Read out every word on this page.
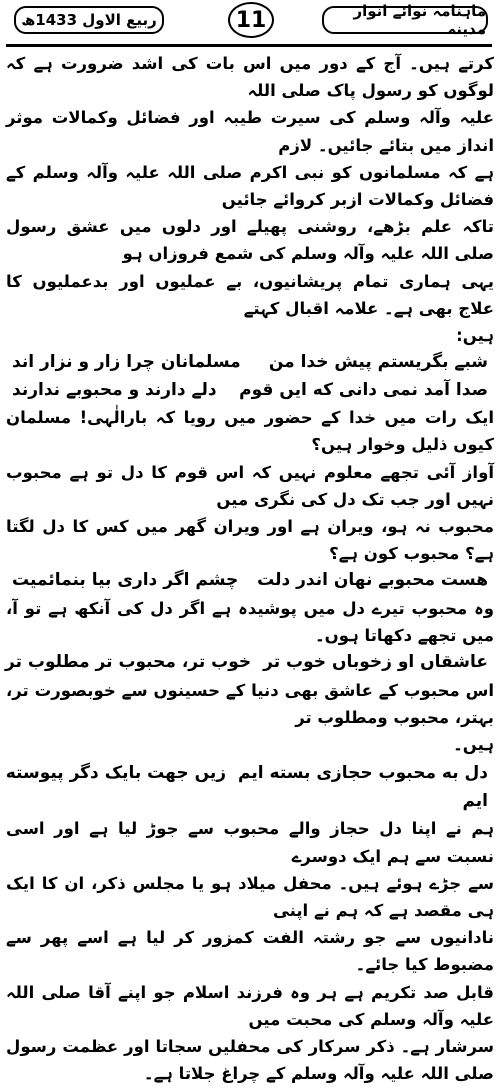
ربیع الاول 1433ھ	11	ماہنامہ نوائے انوار مدینہ

کرتے ہیں۔ آج کے دور میں اس بات کی اشد ضرورت ہے کہ لوگوں کو رسول پاک صلی اللہ

علیہ وآلہ وسلم کی سیرت طیبہ اور فضائل وکمالات موثر انداز میں بتائے جائیں۔ لازم

ہے کہ مسلمانوں کو نبی اکرم صلی اللہ علیہ وآلہ وسلم کے فضائل وکمالات ازبر کروائے جائیں

تاکہ علم بڑھے، روشنی پھیلے اور دلوں میں عشق رسول صلی اللہ علیہ وآلہ وسلم کی شمع فروزاں ہو

یہی ہماری تمام پریشانیوں، بے عملیوں اور بدعملیوں کا علاج بھی ہے۔ علامہ اقبال کہتے

ہیں:

شبے بگریستم پیش خدا من
مسلمانان چرا زار و نزار اند

صدا آمد نمی دانی که ایں قوم
دلے دارند و محبوبے ندارند

ایک رات میں خدا کے حضور میں رویا کہ بارالٰہی! مسلمان کیوں ذلیل وخوار ہیں؟

آواز آئی تجھے معلوم نہیں کہ اس قوم کا دل تو ہے محبوب نہیں اور جب تک دل کی نگری میں

محبوب نہ ہو، ویران ہے اور ویران گھر میں کس کا دل لگتا ہے؟ محبوب کون ہے؟

هست محبوبے نهان اندر دلت
چشم اگر داری بیا بنمائمیت

وہ محبوب تیرے دل میں پوشیدہ ہے اگر دل کی آنکھ ہے تو آ، میں تجھے دکھاتا ہوں۔

عاشقاں او زخوباں خوب تر
خوب تر، محبوب تر مطلوب تر

اس محبوب کے عاشق بھی دنیا کے حسینوں سے خوبصورت تر، بہتر، محبوب ومطلوب تر

ہیں۔

دل به محبوب حجازی بسته ایم
زیں جهت بایک دگر پیوسته

ایم

ہم نے اپنا دل حجاز والے محبوب سے جوڑ لیا ہے اور اسی نسبت سے ہم ایک دوسرے

سے جڑے ہوئے ہیں۔ محفل میلاد ہو یا مجلس ذکر، ان کا ایک ہی مقصد ہے کہ ہم نے اپنی

نادانیوں سے جو رشتہ الفت کمزور کر لیا ہے اسے پھر سے مضبوط کیا جائے۔

قابل صد تکریم ہے ہر وہ فرزند اسلام جو اپنے آقا صلی اللہ علیہ وآلہ وسلم کی محبت میں

سرشار ہے۔ ذکر سرکار کی محفلیں سجاتا اور عظمت رسول صلی اللہ علیہ وآلہ وسلم کے چراغ جلاتا ہے۔
